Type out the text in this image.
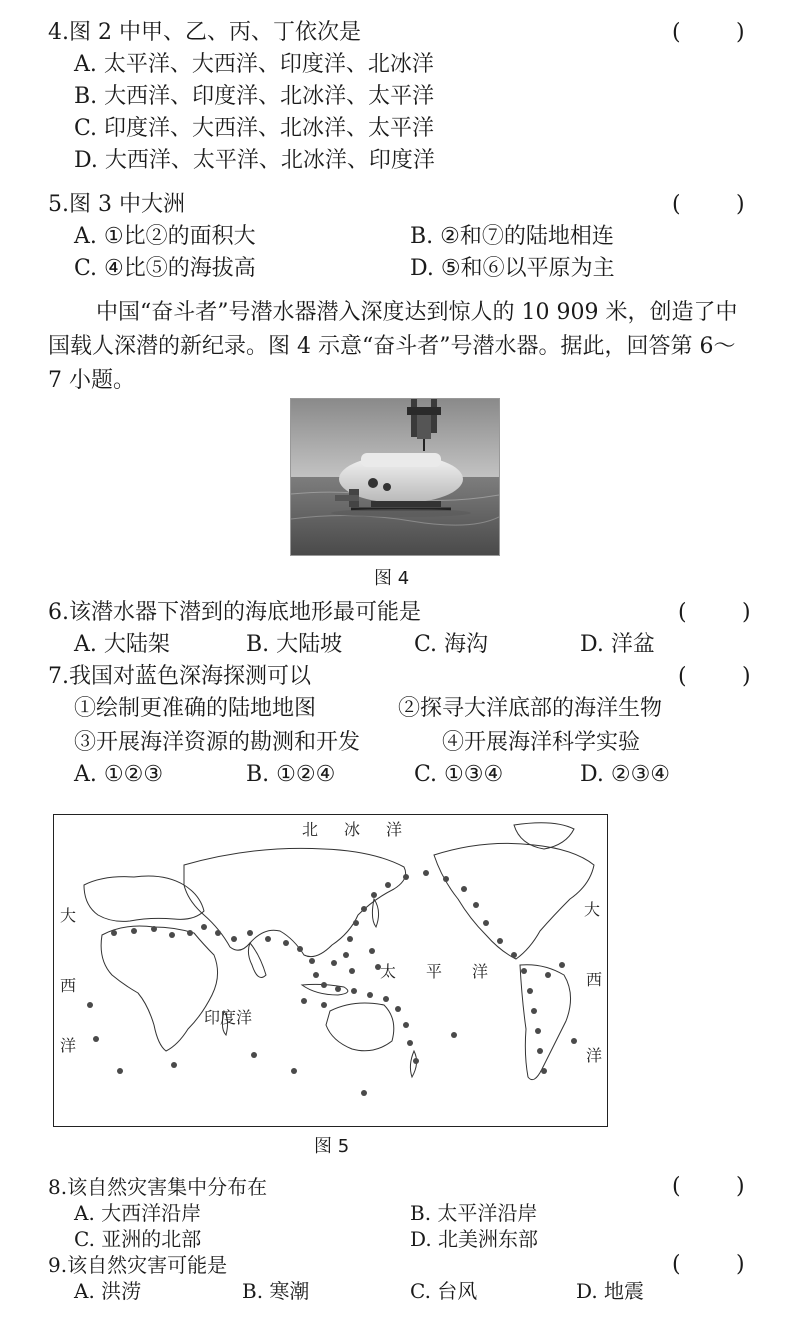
4.图 2 中甲、乙、丙、丁依次是	(	)
A. 太平洋、大西洋、印度洋、北冰洋
B. 大西洋、印度洋、北冰洋、太平洋
C. 印度洋、大西洋、北冰洋、太平洋
D. 大西洋、太平洋、北冰洋、印度洋
5.图 3 中大洲	(	)
A. ①比②的面积大	B. ②和⑦的陆地相连
C. ④比⑤的海拔高	D. ⑤和⑥以平原为主
中国“奋斗者”号潜水器潜入深度达到惊人的 10 909 米，创造了中国载人深潜的新纪录。图 4 示意“奋斗者”号潜水器。据此，回答第 6～7 小题。
图 4
6.该潜水器下潜到的海底地形最可能是	(	)
A. 大陆架	B. 大陆坡	C. 海沟	D. 洋盆
7.我国对蓝色深海探测可以	(	)
①绘制更准确的陆地地图	②探寻大洋底部的海洋生物
③开展海洋资源的勘测和开发	④开展海洋科学实验
A. ①②③	B. ①②④	C. ①③④	D. ②③④
北 冰 洋
太 平 洋
印度洋
大
西
洋
大
西
洋
图 5
8.该自然灾害集中分布在	(	)
A. 大西洋沿岸	B. 太平洋沿岸
C. 亚洲的北部	D. 北美洲东部
9.该自然灾害可能是	(	)
A. 洪涝	B. 寒潮	C. 台风	D. 地震
